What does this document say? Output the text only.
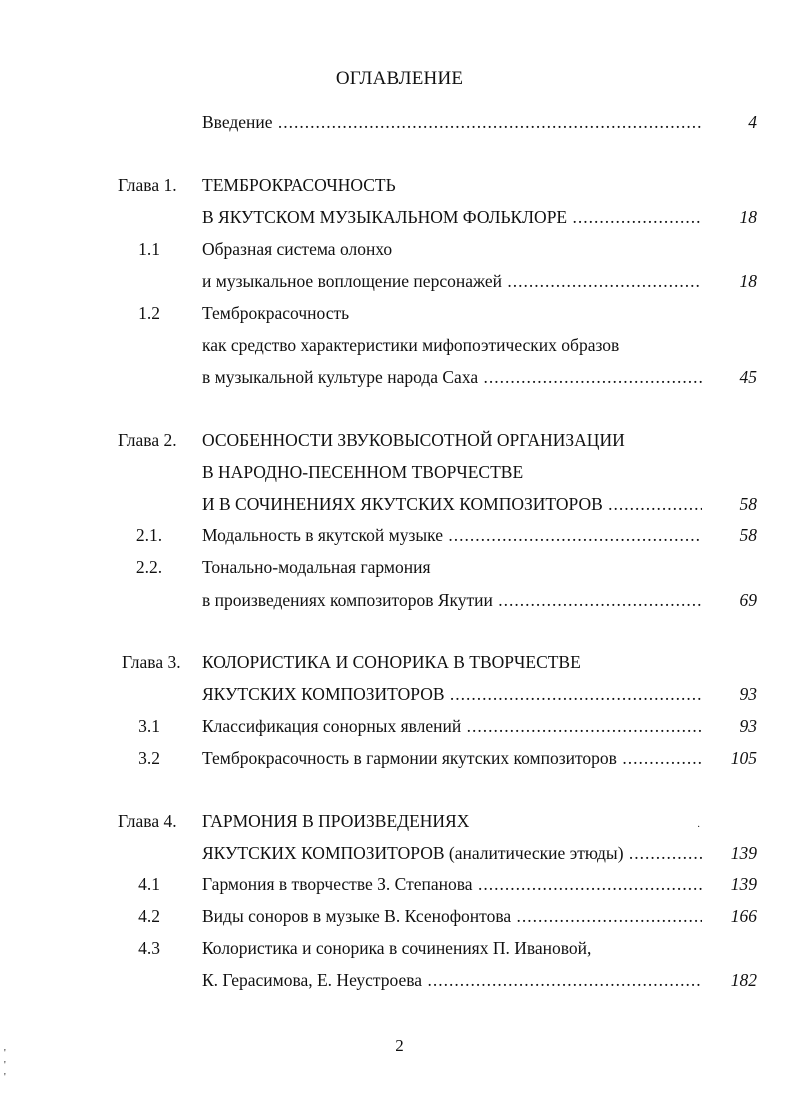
ОГЛАВЛЕНИЕ
Введение .....	4
Глава 1. ТЕМБРОКРАСОЧНОСТЬ
В ЯКУТСКОМ МУЗЫКАЛЬНОМ ФОЛЬКЛОРЕ .....	18
1.1	Образная система олонхо
и музыкальное воплощение персонажей .....	18
1.2	Темброкрасочность
как средство характеристики мифопоэтических образов
в музыкальной культуре народа Саха .....	45
Глава 2. ОСОБЕННОСТИ ЗВУКОВЫСОТНОЙ ОРГАНИЗАЦИИ
В НАРОДНО-ПЕСЕННОМ ТВОРЧЕСТВЕ
И В СОЧИНЕНИЯХ ЯКУТСКИХ КОМПОЗИТОРОВ .....	58
2.1.	Модальность в якутской музыке .....	58
2.2.	Тонально-модальная гармония
в произведениях композиторов Якутии .....	69
Глава 3. КОЛОРИСТИКА И СОНОРИКА В ТВОРЧЕСТВЕ
ЯКУТСКИХ КОМПОЗИТОРОВ .....	93
3.1	Классификация сонорных явлений .....	93
3.2	Темброкрасочность в гармонии якутских композиторов .....	105
Глава 4. ГАРМОНИЯ В ПРОИЗВЕДЕНИЯХ
ЯКУТСКИХ КОМПОЗИТОРОВ (аналитические этюды) .....	139
4.1	Гармония в творчестве З. Степанова .....	139
4.2	Виды соноров в музыке В. Ксенофонтова .....	166
4.3	Колористика и сонорика в сочинениях П. Ивановой,
К. Герасимова, Е. Неустроева .....	182
·
'
'
'
2
